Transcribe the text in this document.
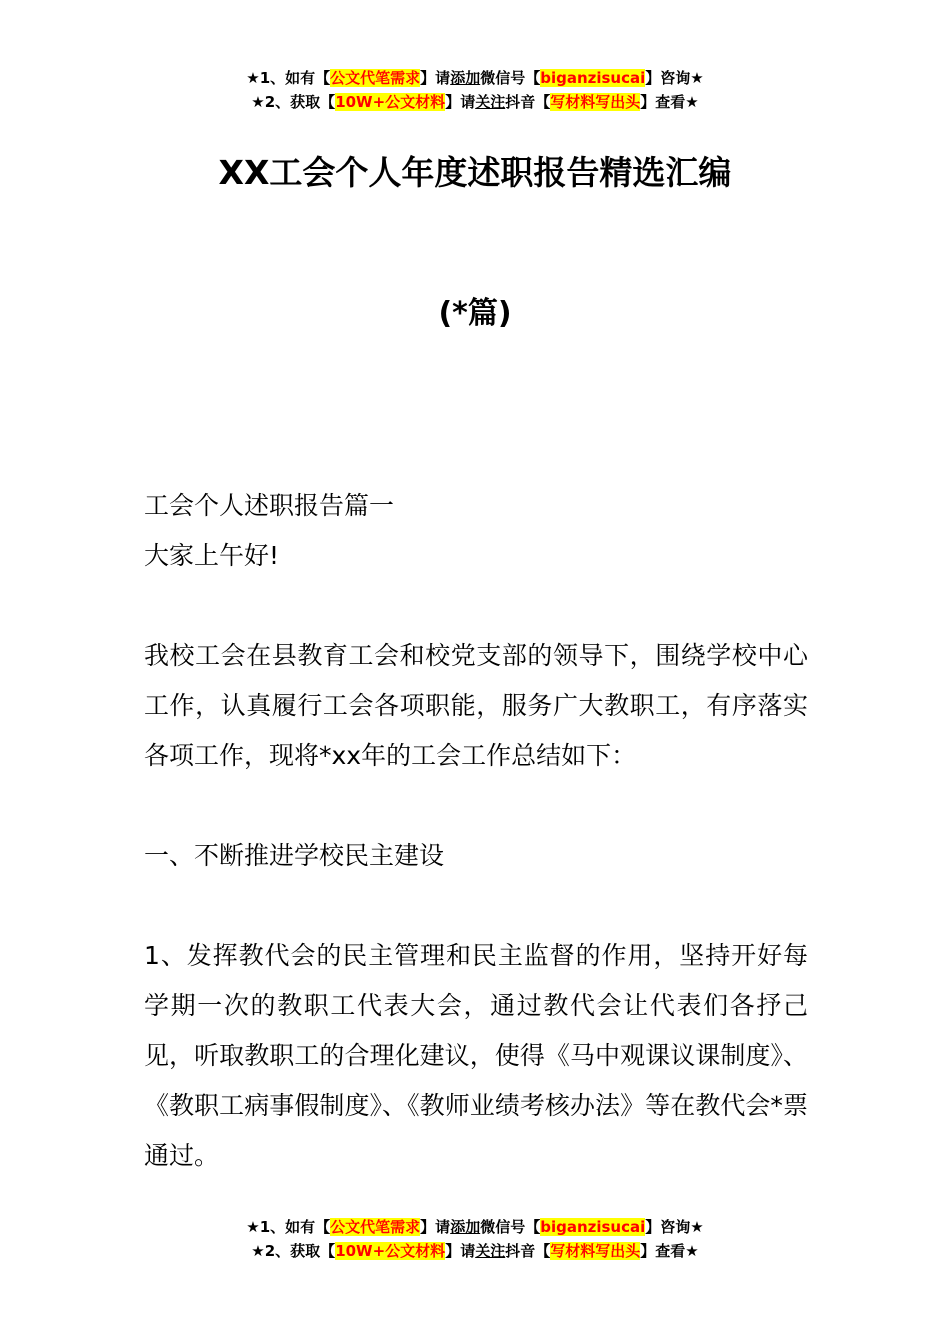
★1、如有【公文代笔需求】请添加微信号【biganzisucai】咨询★
★2、获取【10W+公文材料】请关注抖音【写材料写出头】查看★
XX工会个人年度述职报告精选汇编
(*篇)

工会个人述职报告篇一

大家上午好!

我校工会在县教育工会和校党支部的领导下，围绕学校中心工作，认真履行工会各项职能，服务广大教职工，有序落实各项工作，现将*xx年的工会工作总结如下：

一、不断推进学校民主建设

1、发挥教代会的民主管理和民主监督的作用，坚持开好每学期一次的教职工代表大会，通过教代会让代表们各抒己见，听取教职工的合理化建议，使得《马中观课议课制度》、《教职工病事假制度》、《教师业绩考核办法》等在教代会*票通过。

★1、如有【公文代笔需求】请添加微信号【biganzisucai】咨询★
★2、获取【10W+公文材料】请关注抖音【写材料写出头】查看★
